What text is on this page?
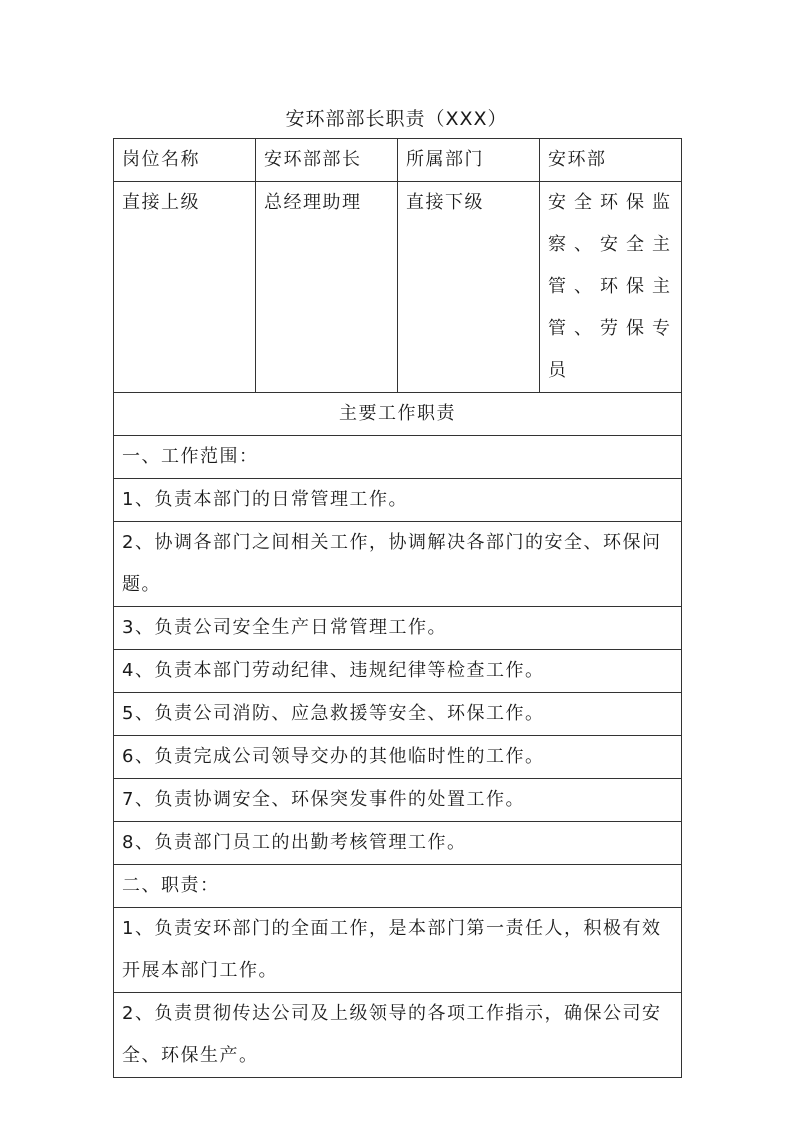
安环部部长职责（XXX）
岗位名称	安环部部长	所属部门	安环部
直接上级	总经理助理	直接下级	安全环保监察、安全主管、环保主管、劳保专员
主要工作职责			
一、工作范围：			
1、负责本部门的日常管理工作。			
2、协调各部门之间相关工作，协调解决各部门的安全、环保问题。			
3、负责公司安全生产日常管理工作。			
4、负责本部门劳动纪律、违规纪律等检查工作。			
5、负责公司消防、应急救援等安全、环保工作。			
6、负责完成公司领导交办的其他临时性的工作。			
7、负责协调安全、环保突发事件的处置工作。			
8、负责部门员工的出勤考核管理工作。			
二、职责：			
1、负责安环部门的全面工作，是本部门第一责任人，积极有效开展本部门工作。			
2、负责贯彻传达公司及上级领导的各项工作指示，确保公司安全、环保生产。			
